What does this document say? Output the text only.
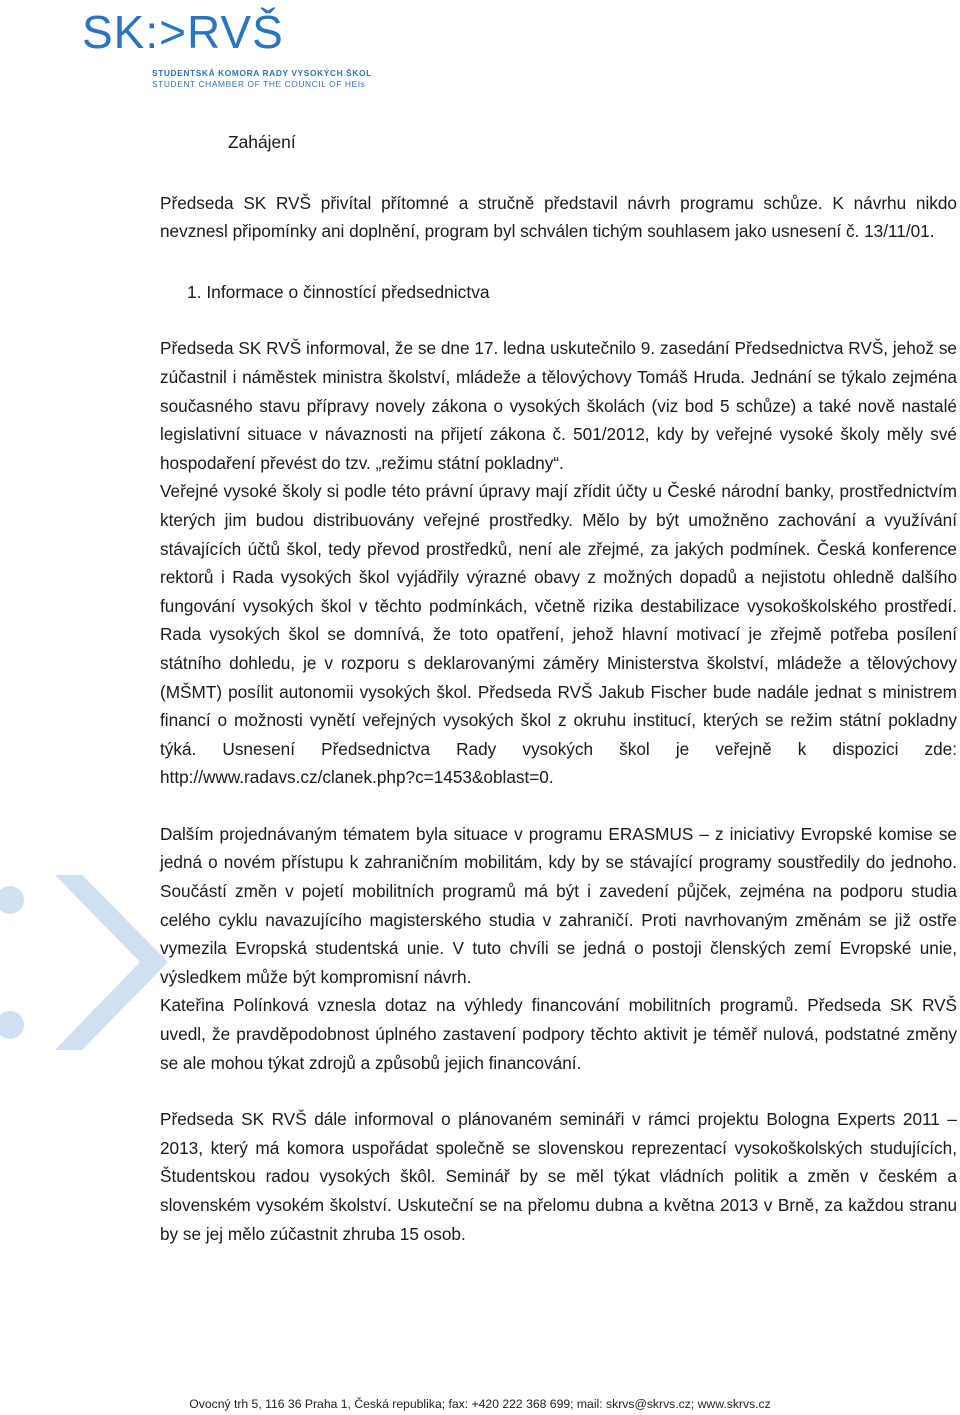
SK:>RVŠ
STUDENTSKÁ KOMORA RADY VYSOKÝCH ŠKOL
STUDENT CHAMBER OF THE COUNCIL OF HEIs

Zahájení

Předseda SK RVŠ přivítal přítomné a stručně představil návrh programu schůze. K návrhu nikdo nevznesl připomínky ani doplnění, program byl schválen tichým souhlasem jako usnesení č. 13/11/01.

1. Informace o činnostící předsednictva

Předseda SK RVŠ informoval, že se dne 17. ledna uskutečnilo 9. zasedání Předsednictva RVŠ, jehož se zúčastnil i náměstek ministra školství, mládeže a tělovýchovy Tomáš Hruda. Jednání se týkalo zejména současného stavu přípravy novely zákona o vysokých školách (viz bod 5 schůze) a také nově nastalé legislativní situace v návaznosti na přijetí zákona č. 501/2012, kdy by veřejné vysoké školy měly své hospodaření převést do tzv. „režimu státní pokladny“.

Veřejné vysoké školy si podle této právní úpravy mají zřídit účty u České národní banky, prostřednictvím kterých jim budou distribuovány veřejné prostředky. Mělo by být umožněno zachování a využívání stávajících účtů škol, tedy převod prostředků, není ale zřejmé, za jakých podmínek. Česká konference rektorů i Rada vysokých škol vyjádřily výrazné obavy z možných dopadů a nejistotu ohledně dalšího fungování vysokých škol v těchto podmínkách, včetně rizika destabilizace vysokoškolského prostředí. Rada vysokých škol se domnívá, že toto opatření, jehož hlavní motivací je zřejmě potřeba posílení státního dohledu, je v rozporu s deklarovanými záměry Ministerstva školství, mládeže a tělovýchovy (MŠMT) posílit autonomii vysokých škol. Předseda RVŠ Jakub Fischer bude nadále jednat s ministrem financí o možnosti vynětí veřejných vysokých škol z okruhu institucí, kterých se režim státní pokladny týká. Usnesení Předsednictva Rady vysokých škol je veřejně k dispozici zde: http://www.radavs.cz/clanek.php?c=1453&oblast=0.

Dalším projednávaným tématem byla situace v programu ERASMUS – z iniciativy Evropské komise se jedná o novém přístupu k zahraničním mobilitám, kdy by se stávající programy soustředily do jednoho. Součástí změn v pojetí mobilitních programů má být i zavedení půjček, zejména na podporu studia celého cyklu navazujícího magisterského studia v zahraničí. Proti navrhovaným změnám se již ostře vymezila Evropská studentská unie. V tuto chvíli se jedná o postoji členských zemí Evropské unie, výsledkem může být kompromisní návrh.

Kateřina Polínková vznesla dotaz na výhledy financování mobilitních programů. Předseda SK RVŠ uvedl, že pravděpodobnost úplného zastavení podpory těchto aktivit je téměř nulová, podstatné změny se ale mohou týkat zdrojů a způsobů jejich financování.

Předseda SK RVŠ dále informoval o plánovaném semináři v rámci projektu Bologna Experts 2011 – 2013, který má komora uspořádat společně se slovenskou reprezentací vysokoškolských studujících, Študentskou radou vysokých škôl. Seminář by se měl týkat vládních politik a změn v českém a slovenském vysokém školství. Uskuteční se na přelomu dubna a května 2013 v Brně, za každou stranu by se jej mělo zúčastnit zhruba 15 osob.

Ovocný trh 5, 116 36 Praha 1, Česká republika; fax: +420 222 368 699; mail: skrvs@skrvs.cz; www.skrvs.cz
